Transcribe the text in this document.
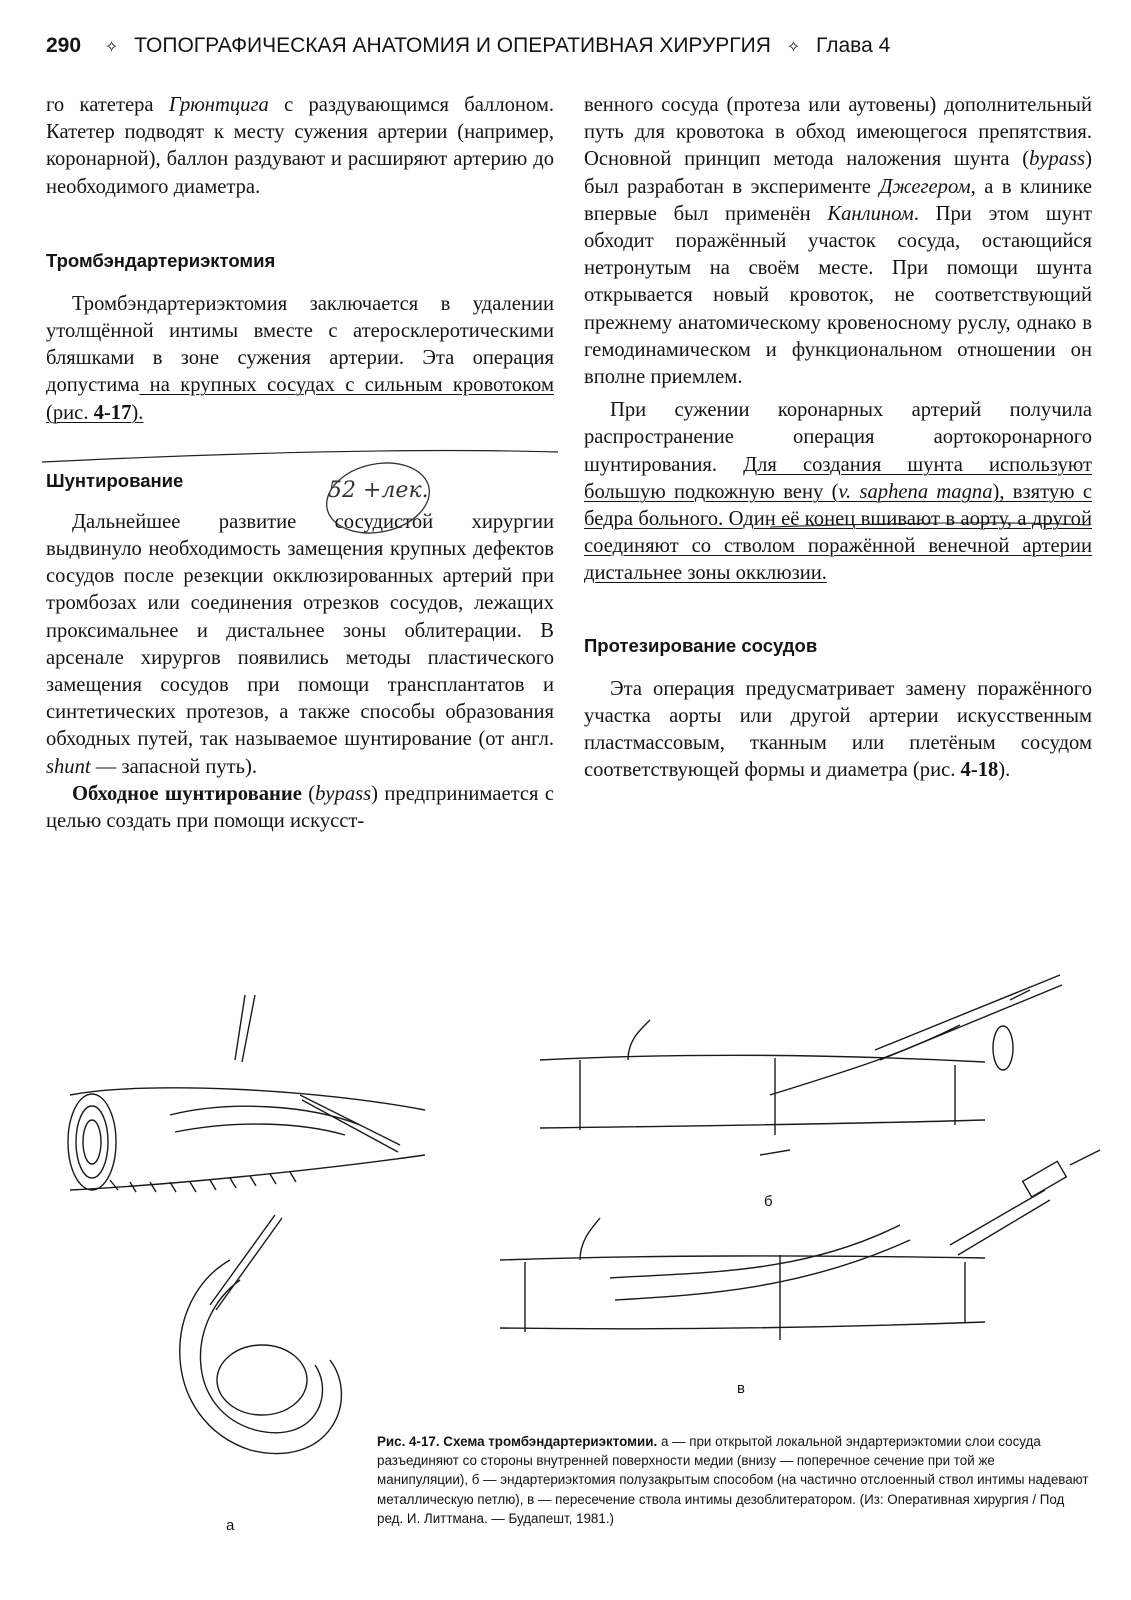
290 ✧ ТОПОГРАФИЧЕСКАЯ АНАТОМИЯ И ОПЕРАТИВНАЯ ХИРУРГИЯ ✧ Глава 4

го катетера Грюнтцига с раздувающимся баллоном. Катетер подводят к месту сужения артерии (например, коронарной), баллон раздувают и расширяют артерию до необходимого диаметра.

Тромбэндартериэктомия

Тромбэндартериэктомия заключается в удалении утолщённой интимы вместе с атеросклеротическими бляшками в зоне сужения артерии. Эта операция допустима на крупных сосудах с сильным кровотоком (рис. 4-17).

Шунтирование

Дальнейшее развитие сосудистой хирургии выдвинуло необходимость замещения крупных дефектов сосудов после резекции окклюзированных артерий при тромбозах или соединения отрезков сосудов, лежащих проксимальнее и дистальнее зоны облитерации. В арсенале хирургов появились методы пластического замещения сосудов при помощи трансплантатов и синтетических протезов, а также способы образования обходных путей, так называемое шунтирование (от англ. shunt — запасной путь).

Обходное шунтирование (bypass) предпринимается с целью создать при помощи искусст-

52 +лек.

венного сосуда (протеза или аутовены) дополнительный путь для кровотока в обход имеющегося препятствия. Основной принцип метода наложения шунта (bypass) был разработан в эксперименте Джегером, а в клинике впервые был применён Канлином. При этом шунт обходит поражённый участок сосуда, остающийся нетронутым на своём месте. При помощи шунта открывается новый кровоток, не соответствующий прежнему анатомическому кровеносному руслу, однако в гемодинамическом и функциональном отношении он вполне приемлем.

При сужении коронарных артерий получила распространение операция аортокоронарного шунтирования. Для создания шунта используют большую подкожную вену (v. saphena magna), взятую с бедра больного. Один её конец вшивают в аорту, а другой соединяют со стволом поражённой венечной артерии дистальнее зоны окклюзии.

Протезирование сосудов

Эта операция предусматривает замену поражённого участка аорты или другой артерии искусственным пластмассовым, тканным или плетёным сосудом соответствующей формы и диаметра (рис. 4-18).

а
б
в
Рис. 4-17. Схема тромбэндартериэктомии. а — при открытой локальной эндартериэктомии слои сосуда разъединяют со стороны внутренней поверхности медии (внизу — поперечное сечение при той же манипуляции), б — эндартериэктомия полузакрытым способом (на частично отслоенный ствол интимы надевают металлическую петлю), в — пересечение ствола интимы дезоблитератором. (Из: Оперативная хирургия / Под ред. И. Литтмана. — Будапешт, 1981.)
